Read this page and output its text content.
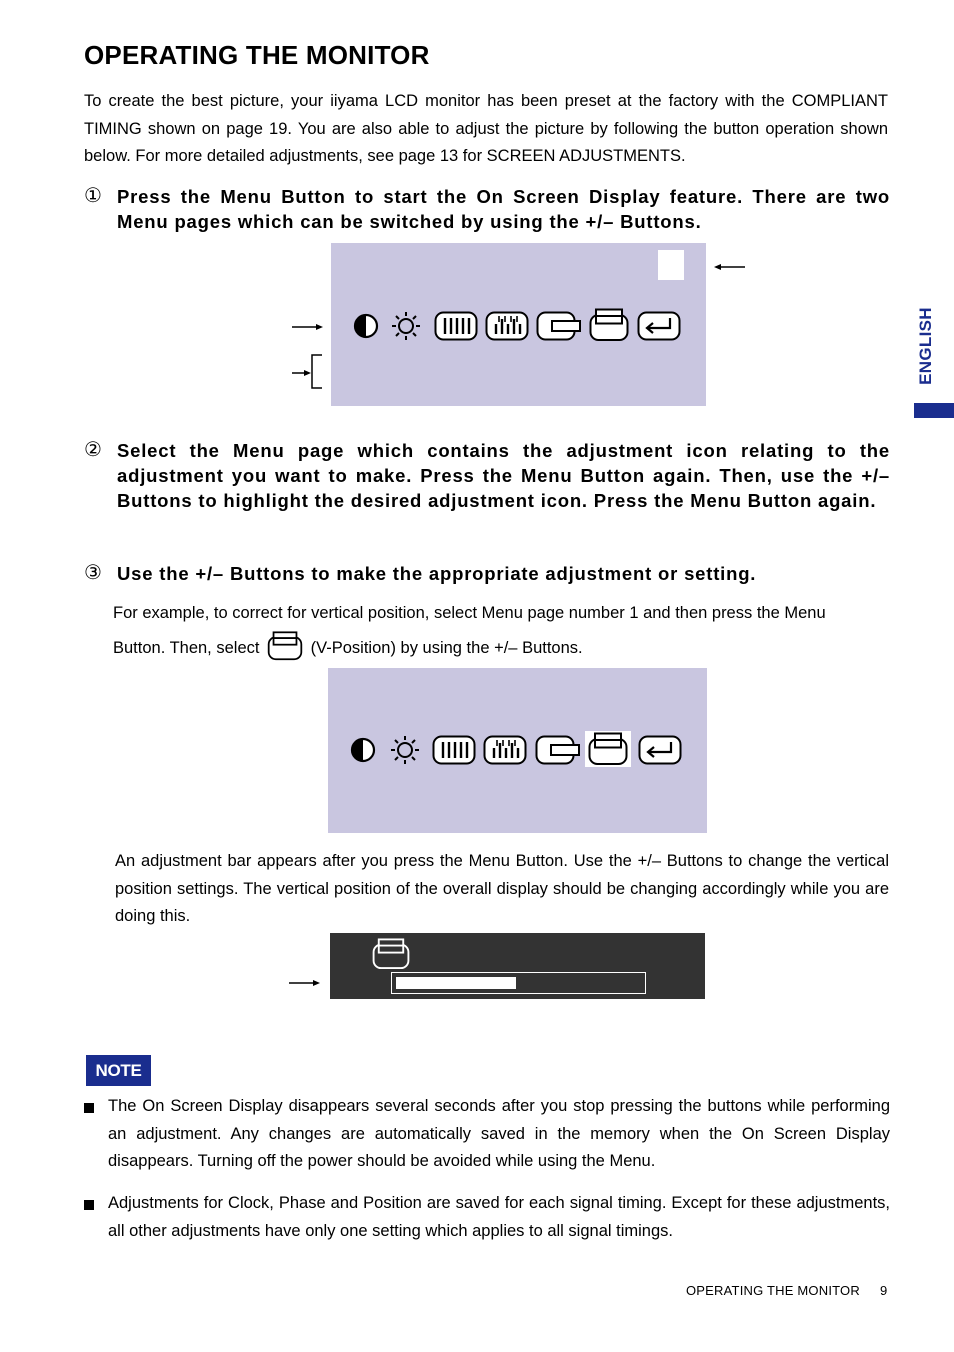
OPERATING THE MONITOR
To create the best picture, your iiyama LCD monitor has been preset at the factory with the COMPLIANT TIMING shown on page 19. You are also able to adjust the picture by following the button operation shown below. For more detailed adjustments, see page 13 for SCREEN ADJUSTMENTS.
① Press the Menu Button to start the On Screen Display feature. There are two Menu pages which can be switched by using the +/– Buttons.
② Select the Menu page which contains the adjustment icon relating to the adjustment you want to make. Press the Menu Button again. Then, use the +/– Buttons to highlight the desired adjustment icon. Press the Menu Button again.
③ Use the +/– Buttons to make the appropriate adjustment or setting.
For example, to correct for vertical position, select Menu page number 1 and then press the Menu
Button. Then, select	(V-Position) by using the +/– Buttons.
An adjustment bar appears after you press the Menu Button. Use the +/– Buttons to change the vertical position settings. The vertical position of the overall display should be changing accordingly while you are doing this.
NOTE
The On Screen Display disappears several seconds after you stop pressing the buttons while performing an adjustment. Any changes are automatically saved in the memory when the On Screen Display disappears. Turning off the power should be avoided while using the Menu.
Adjustments for Clock, Phase and Position are saved for each signal timing. Except for these adjustments, all other adjustments have only one setting which applies to all signal timings.
ENGLISH
OPERATING THE MONITOR 9
